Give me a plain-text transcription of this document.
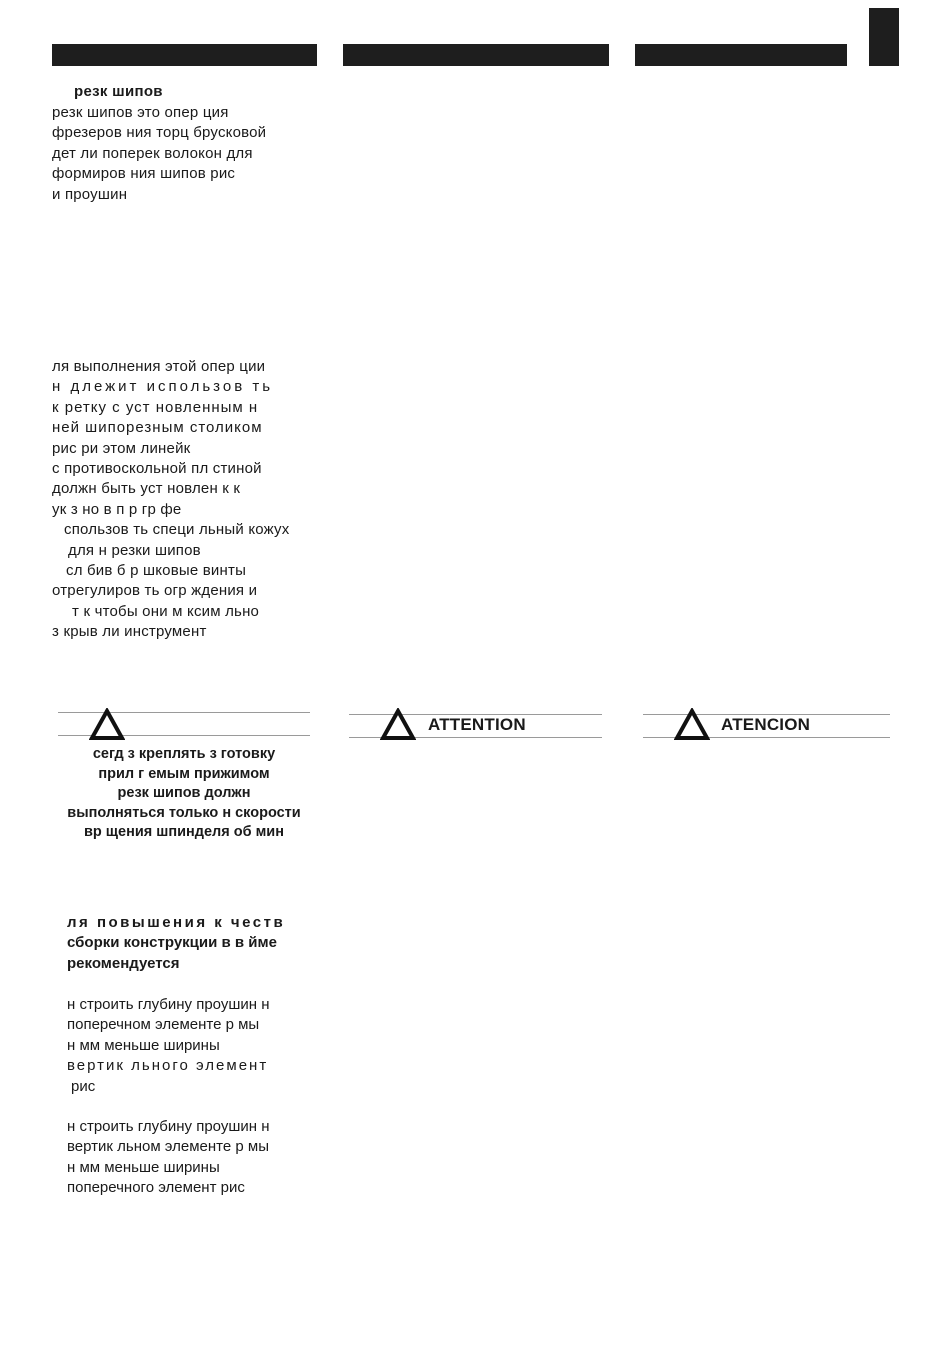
резк шипов

резк шипов это опер ция

фрезеров ния торц брусковой

дет ли поперек волокон для

формиров ния шипов рис

и проушин

ля выполнения этой опер ции

н длежит использов ть

к ретку с уст новленным н

ней шипорезным столиком

рис ри этом линейк

с противоскольной пл стиной

должн быть уст новлен к к

ук з но в п р гр фе

спользов ть специ льный кожух

для н резки шипов

сл бив б р шковые винты

отрегулиров ть огр ждения и

т к чтобы они м ксим льно

з крыв ли инструмент

ATTENTION	ATENCION
сегд з креплять з готовку
прил г емым прижимом
резк шипов должн
выполняться только н скорости
вр щения шпинделя об мин

ля повышения к честв

сборки конструкции в в йме

рекомендуется

н строить глубину проушин н

поперечном элементе р мы

н мм меньше ширины

вертик льного элемент

рис

н строить глубину проушин н

вертик льном элементе р мы

н мм меньше ширины

поперечного элемент рис
